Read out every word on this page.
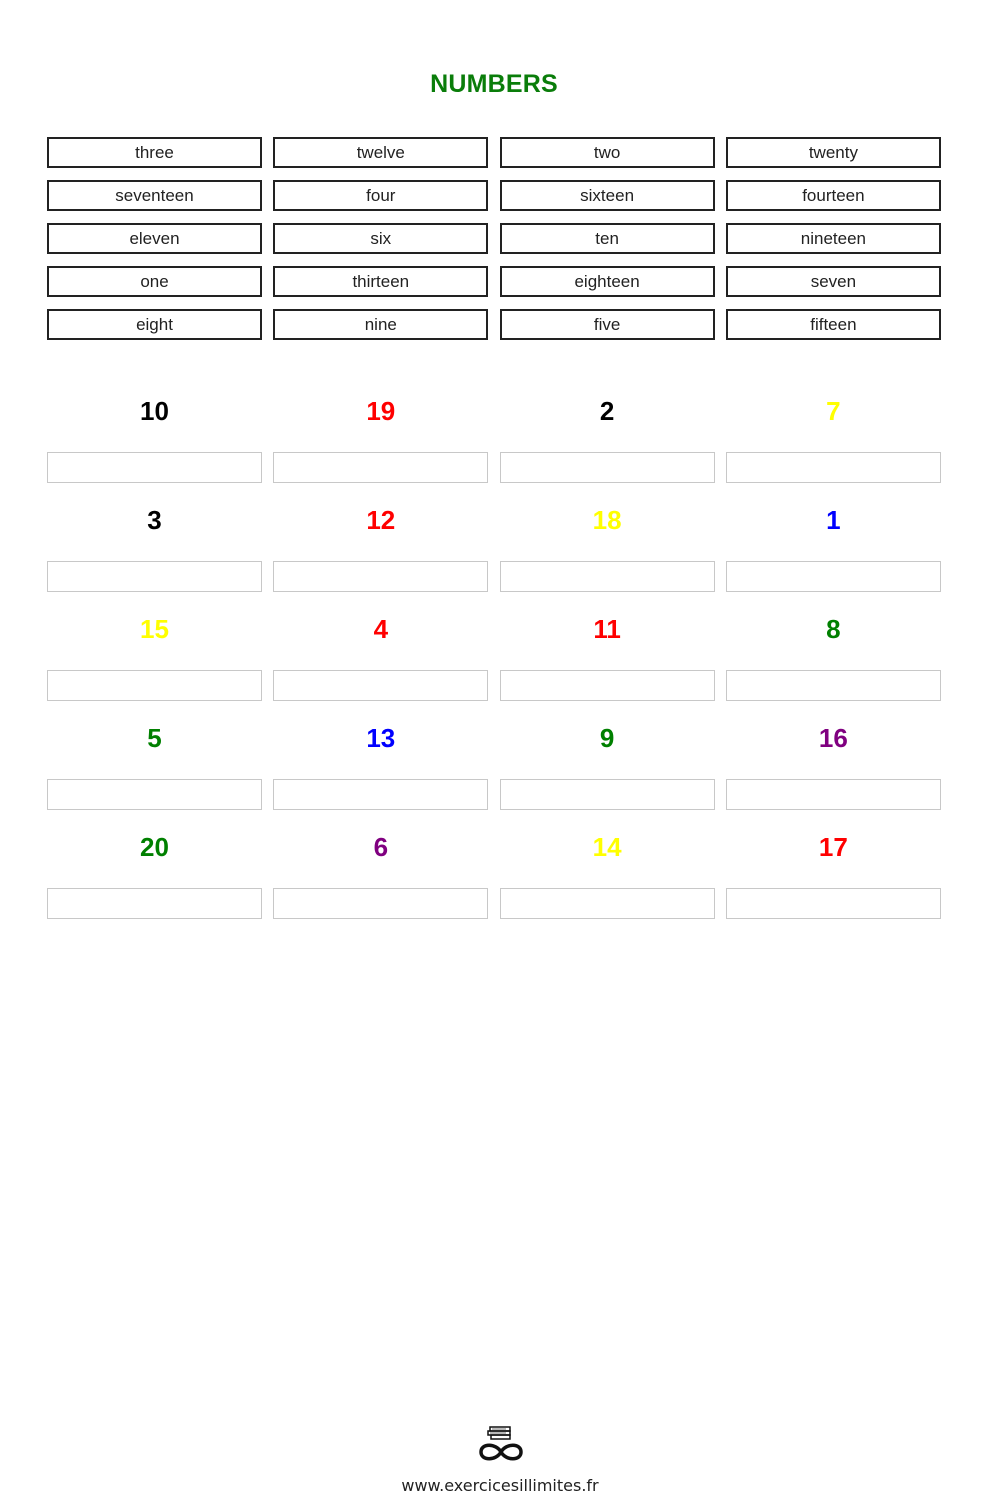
NUMBERS
three	twelve	two	twenty
seventeen	four	sixteen	fourteen
eleven	six	ten	nineteen
one	thirteen	eighteen	seven
eight	nine	five	fifteen
10	19	2	7
3	12	18	1
15	4	11	8
5	13	9	16
20	6	14	17
www.exercicesillimites.fr
